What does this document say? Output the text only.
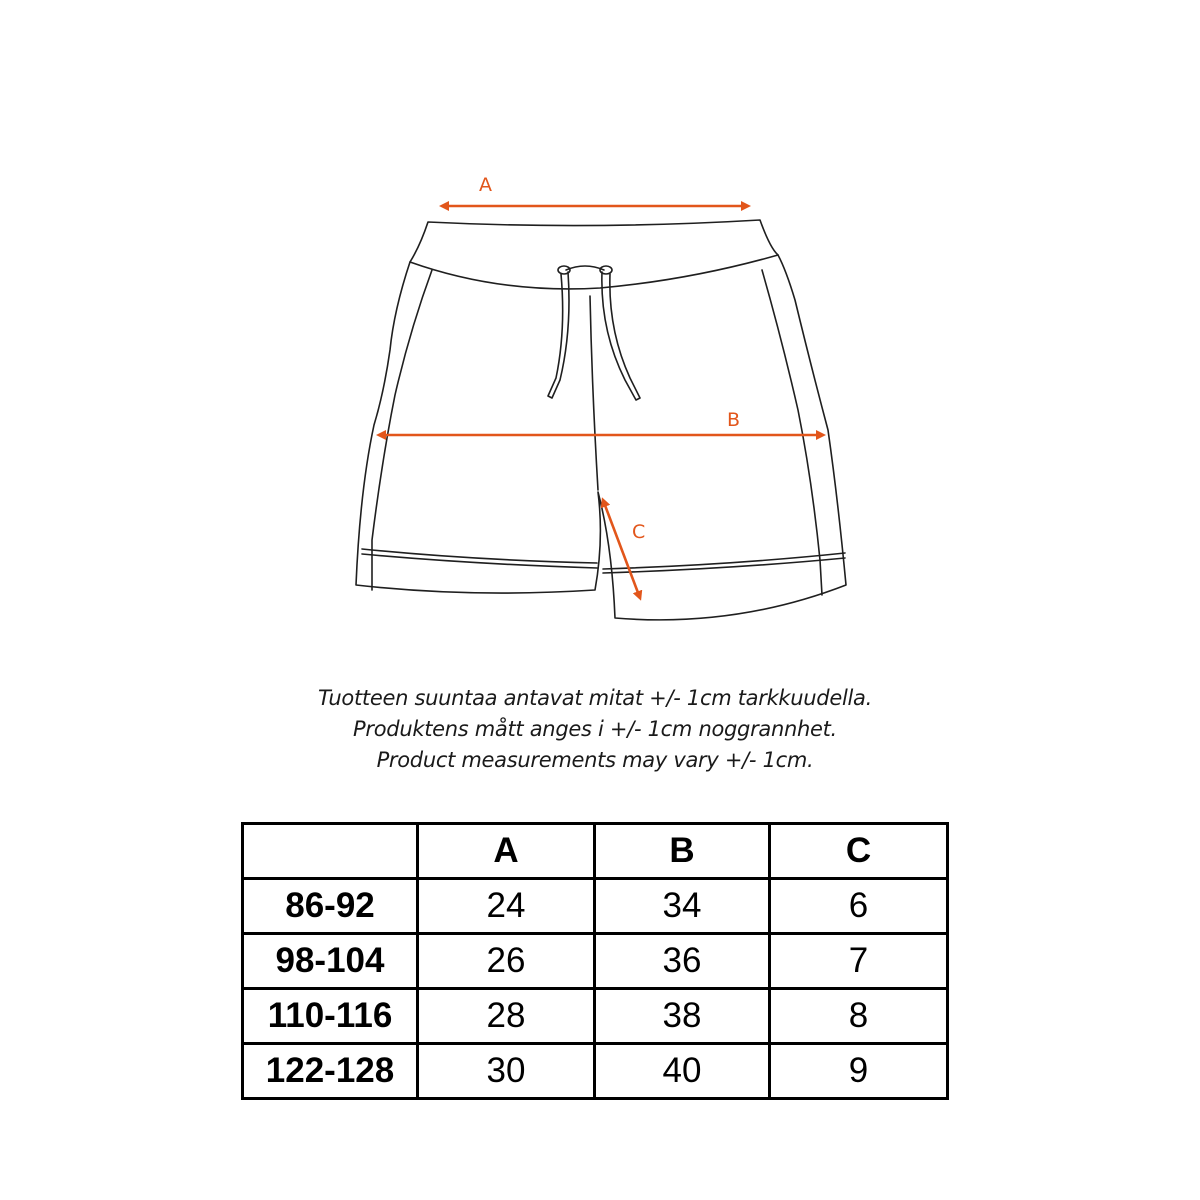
A
B
C
Tuotteen suuntaa antavat mitat +/- 1cm tarkkuudella.
Produktens mått anges i +/- 1cm noggrannhet.
Product measurements may vary +/- 1cm.
	A	B	C
86-92	24	34	6
98-104	26	36	7
110-116	28	38	8
122-128	30	40	9
